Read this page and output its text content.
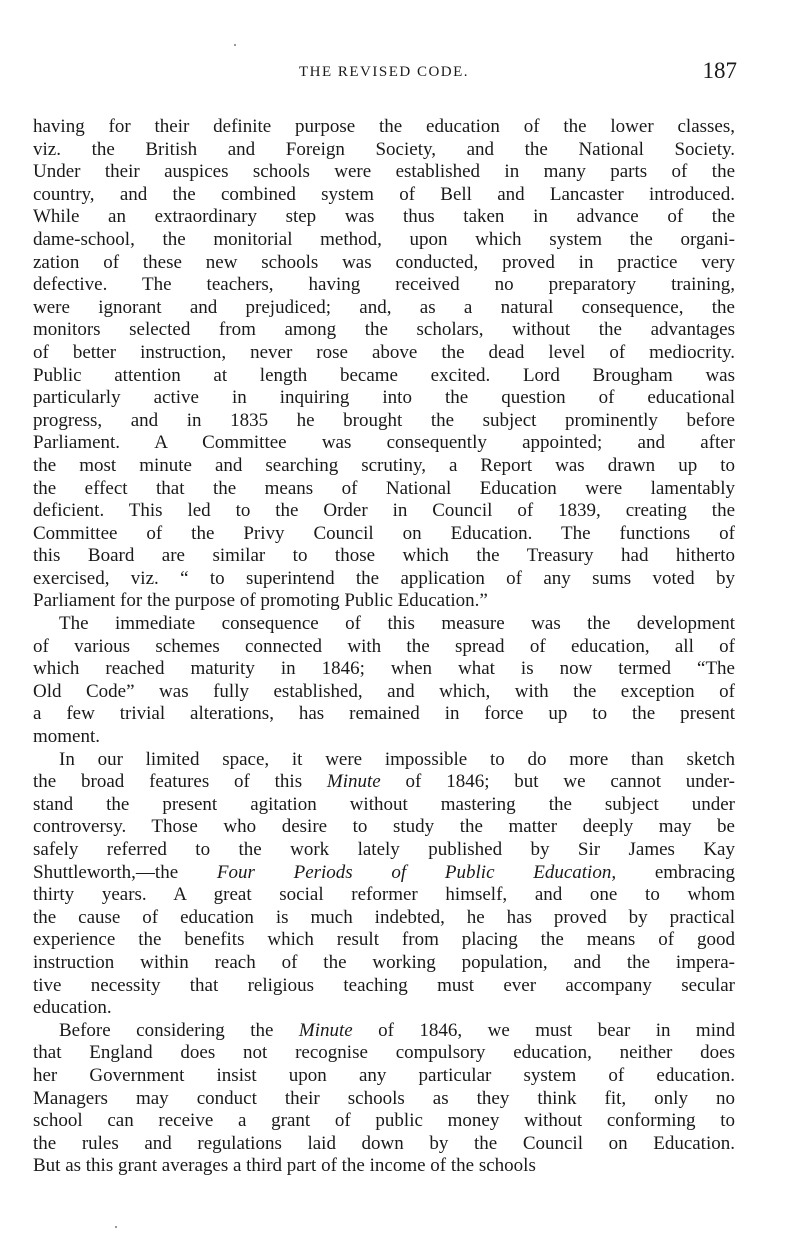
THE REVISED CODE.	187
having for their definite purpose the education of the lower classes,
viz. the British and Foreign Society, and the National Society.
Under their auspices schools were established in many parts of the
country, and the combined system of Bell and Lancaster introduced.
While an extraordinary step was thus taken in advance of the
dame-school, the monitorial method, upon which system the organi-
zation of these new schools was conducted, proved in practice very
defective. The teachers, having received no preparatory training,
were ignorant and prejudiced; and, as a natural consequence, the
monitors selected from among the scholars, without the advantages
of better instruction, never rose above the dead level of mediocrity.
Public attention at length became excited. Lord Brougham was
particularly active in inquiring into the question of educational
progress, and in 1835 he brought the subject prominently before
Parliament. A Committee was consequently appointed; and after
the most minute and searching scrutiny, a Report was drawn up to
the effect that the means of National Education were lamentably
deficient. This led to the Order in Council of 1839, creating the
Committee of the Privy Council on Education. The functions of
this Board are similar to those which the Treasury had hitherto
exercised, viz. “ to superintend the application of any sums voted by
Parliament for the purpose of promoting Public Education.”
The immediate consequence of this measure was the development
of various schemes connected with the spread of education, all of
which reached maturity in 1846; when what is now termed “The
Old Code” was fully established, and which, with the exception of
a few trivial alterations, has remained in force up to the present
moment.
In our limited space, it were impossible to do more than sketch
the broad features of this Minute of 1846; but we cannot under-
stand the present agitation without mastering the subject under
controversy. Those who desire to study the matter deeply may be
safely referred to the work lately published by Sir James Kay
Shuttleworth,—the Four Periods of Public Education, embracing
thirty years. A great social reformer himself, and one to whom
the cause of education is much indebted, he has proved by practical
experience the benefits which result from placing the means of good
instruction within reach of the working population, and the impera-
tive necessity that religious teaching must ever accompany secular
education.
Before considering the Minute of 1846, we must bear in mind
that England does not recognise compulsory education, neither does
her Government insist upon any particular system of education.
Managers may conduct their schools as they think fit, only no
school can receive a grant of public money without conforming to
the rules and regulations laid down by the Council on Education.
But as this grant averages a third part of the income of the schools
